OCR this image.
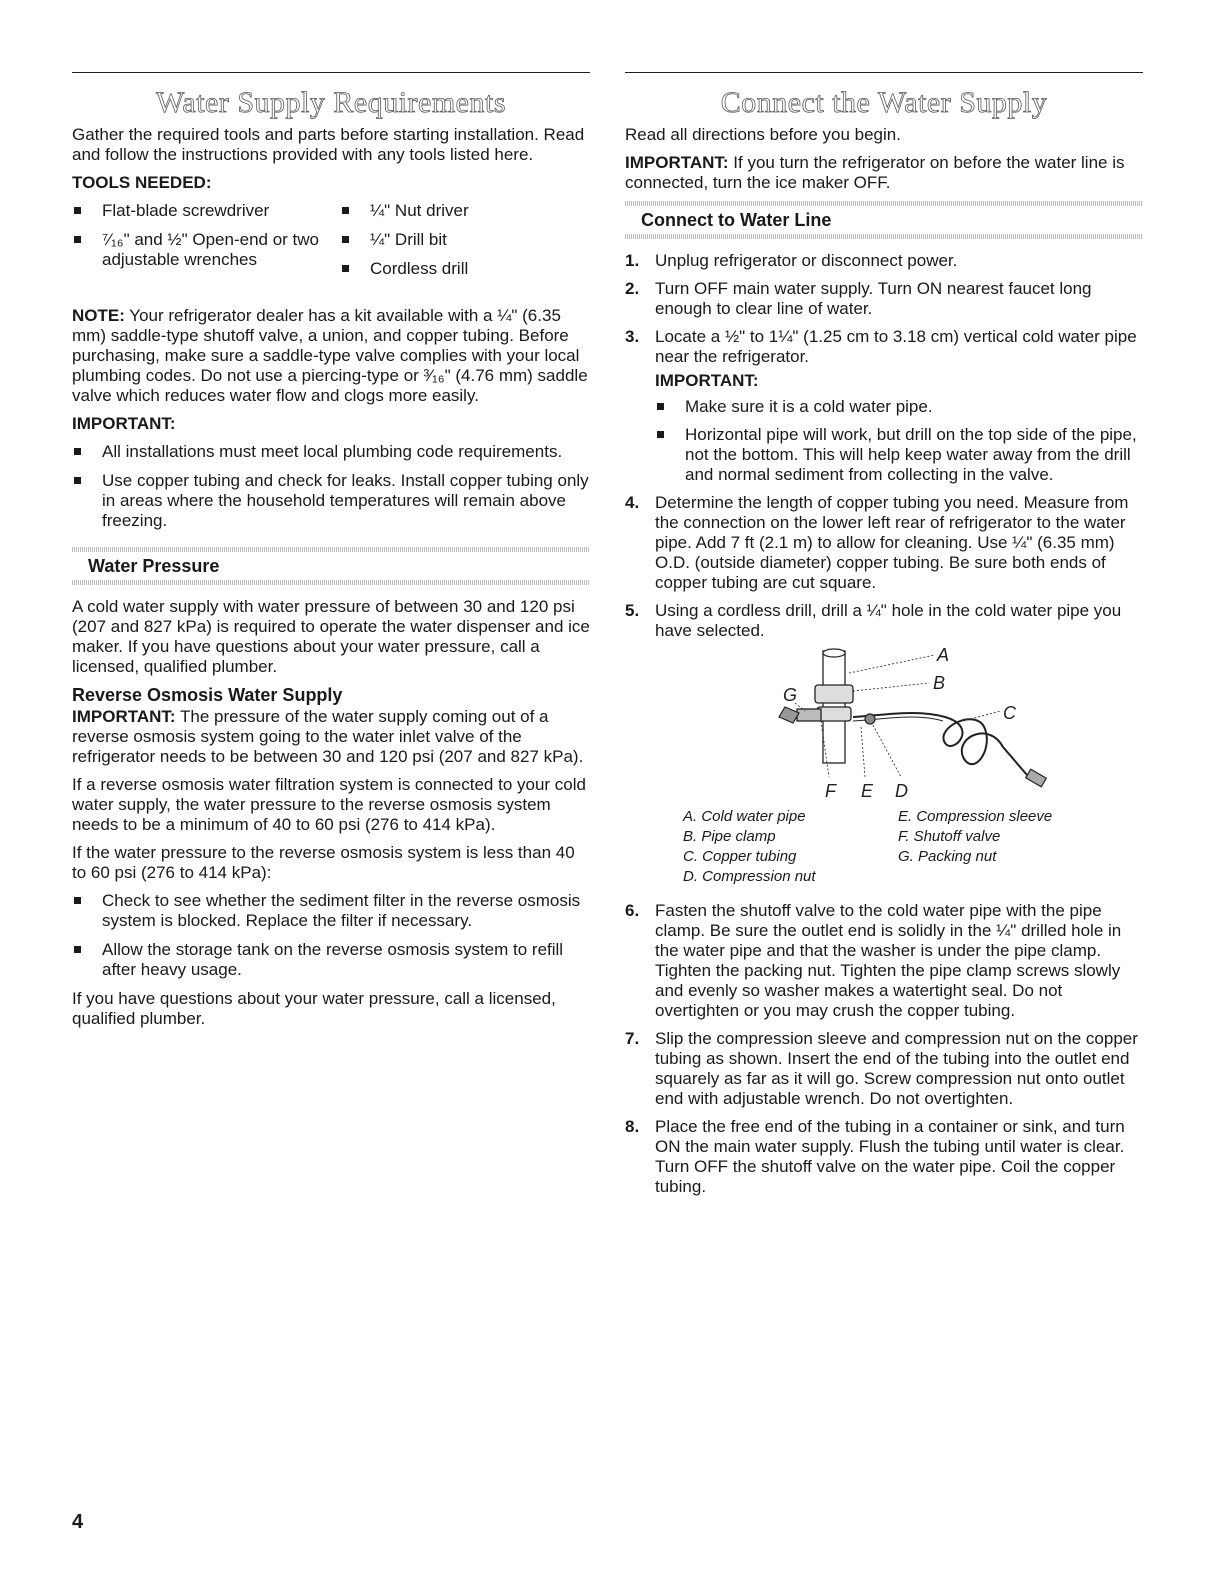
Water Supply Requirements

Gather the required tools and parts before starting installation. Read and follow the instructions provided with any tools listed here.

TOOLS NEEDED:
Flat-blade screwdriver
⁷⁄₁₆" and ½" Open-end or two adjustable wrenches
¼" Nut driver
¼" Drill bit
Cordless drill

NOTE: Your refrigerator dealer has a kit available with a ¼" (6.35 mm) saddle-type shutoff valve, a union, and copper tubing. Before purchasing, make sure a saddle-type valve complies with your local plumbing codes. Do not use a piercing-type or ³⁄₁₆" (4.76 mm) saddle valve which reduces water flow and clogs more easily.

IMPORTANT:
All installations must meet local plumbing code requirements.
Use copper tubing and check for leaks. Install copper tubing only in areas where the household temperatures will remain above freezing.
Water Pressure

A cold water supply with water pressure of between 30 and 120 psi (207 and 827 kPa) is required to operate the water dispenser and ice maker. If you have questions about your water pressure, call a licensed, qualified plumber.

Reverse Osmosis Water Supply

IMPORTANT: The pressure of the water supply coming out of a reverse osmosis system going to the water inlet valve of the refrigerator needs to be between 30 and 120 psi (207 and 827 kPa).

If a reverse osmosis water filtration system is connected to your cold water supply, the water pressure to the reverse osmosis system needs to be a minimum of 40 to 60 psi (276 to 414 kPa).

If the water pressure to the reverse osmosis system is less than 40 to 60 psi (276 to 414 kPa):

Check to see whether the sediment filter in the reverse osmosis system is blocked. Replace the filter if necessary.
Allow the storage tank on the reverse osmosis system to refill after heavy usage.

If you have questions about your water pressure, call a licensed, qualified plumber.

Connect the Water Supply

Read all directions before you begin.

IMPORTANT: If you turn the refrigerator on before the water line is connected, turn the ice maker OFF.

Connect to Water Line
1. Unplug refrigerator or disconnect power.
2. Turn OFF main water supply. Turn ON nearest faucet long enough to clear line of water.
3. Locate a ½" to 1¼" (1.25 cm to 3.18 cm) vertical cold water pipe near the refrigerator.
IMPORTANT:
Make sure it is a cold water pipe.
Horizontal pipe will work, but drill on the top side of the pipe, not the bottom. This will help keep water away from the drill and normal sediment from collecting in the valve.
4. Determine the length of copper tubing you need. Measure from the connection on the lower left rear of refrigerator to the water pipe. Add 7 ft (2.1 m) to allow for cleaning. Use ¼" (6.35 mm) O.D. (outside diameter) copper tubing. Be sure both ends of copper tubing are cut square.
5. Using a cordless drill, drill a ¼" hole in the cold water pipe you have selected.
A
B
C
D
E
F
G
A. Cold water pipe
B. Pipe clamp
C. Copper tubing
D. Compression nut
E. Compression sleeve
F. Shutoff valve
G. Packing nut
6. Fasten the shutoff valve to the cold water pipe with the pipe clamp. Be sure the outlet end is solidly in the ¼" drilled hole in the water pipe and that the washer is under the pipe clamp. Tighten the packing nut. Tighten the pipe clamp screws slowly and evenly so washer makes a watertight seal. Do not overtighten or you may crush the copper tubing.
7. Slip the compression sleeve and compression nut on the copper tubing as shown. Insert the end of the tubing into the outlet end squarely as far as it will go. Screw compression nut onto outlet end with adjustable wrench. Do not overtighten.
8. Place the free end of the tubing in a container or sink, and turn ON the main water supply. Flush the tubing until water is clear. Turn OFF the shutoff valve on the water pipe. Coil the copper tubing.
4
